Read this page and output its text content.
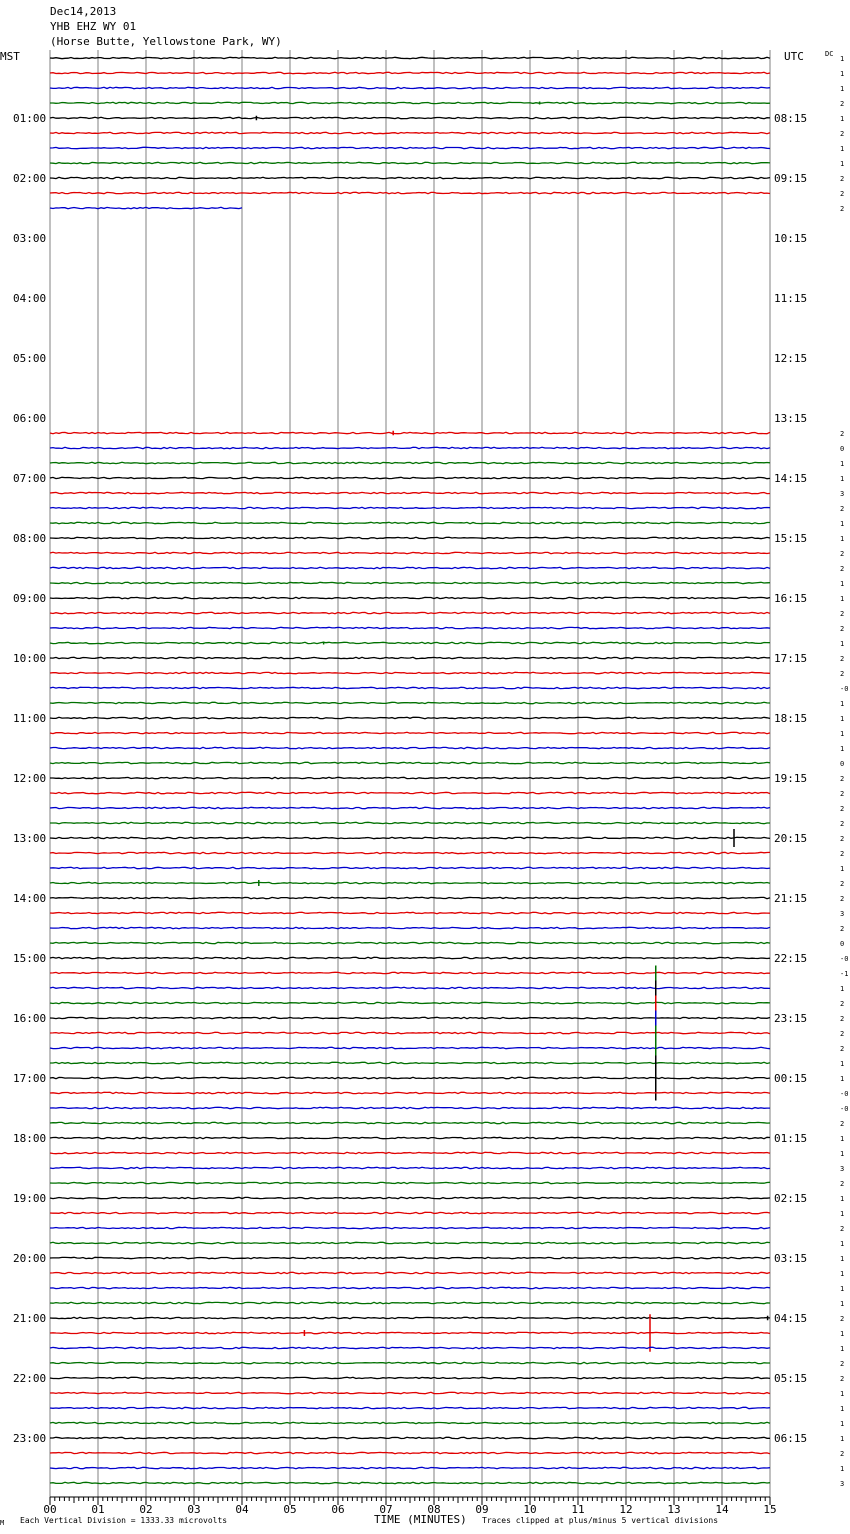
Dec14,2013
YHB EHZ WY 01
(Horse Butte, Yellowstone Park, WY)
00	01	02	03	04	05	06	07	08	09	10	11	12	13	14	15
1
1
1
2
1
2
1
1
2
2
2
2
0
1
1
3
2
1
1
2
2
1
1
2
2
1
2
2
-0
1
1
1
1
0
2
2
2
2
2
2
1
2
2
3
2
0
-0
-1
1
2
2
2
2
1
1
-0
-0
2
1
1
3
2
1
1
2
1
1
1
1
1
2
1
1
2
2
1
1
1
1
2
1
3
01:00
02:00
03:00
04:00
05:00
06:00
07:00
08:00
09:00
10:00
11:00
12:00
13:00
14:00
15:00
16:00
17:00
18:00
19:00
20:00
21:00
22:00
23:00
08:15
09:15
10:15
11:15
12:15
13:15
14:15
15:15
16:15
17:15
18:15
19:15
20:15
21:15
22:15
23:15
00:15
01:15
02:15
03:15
04:15
05:15
06:15
MST	UTC	DC
M Each Vertical Division = 1333.33 microvolts	TIME (MINUTES) Traces clipped at plus/minus 5 vertical divisions
